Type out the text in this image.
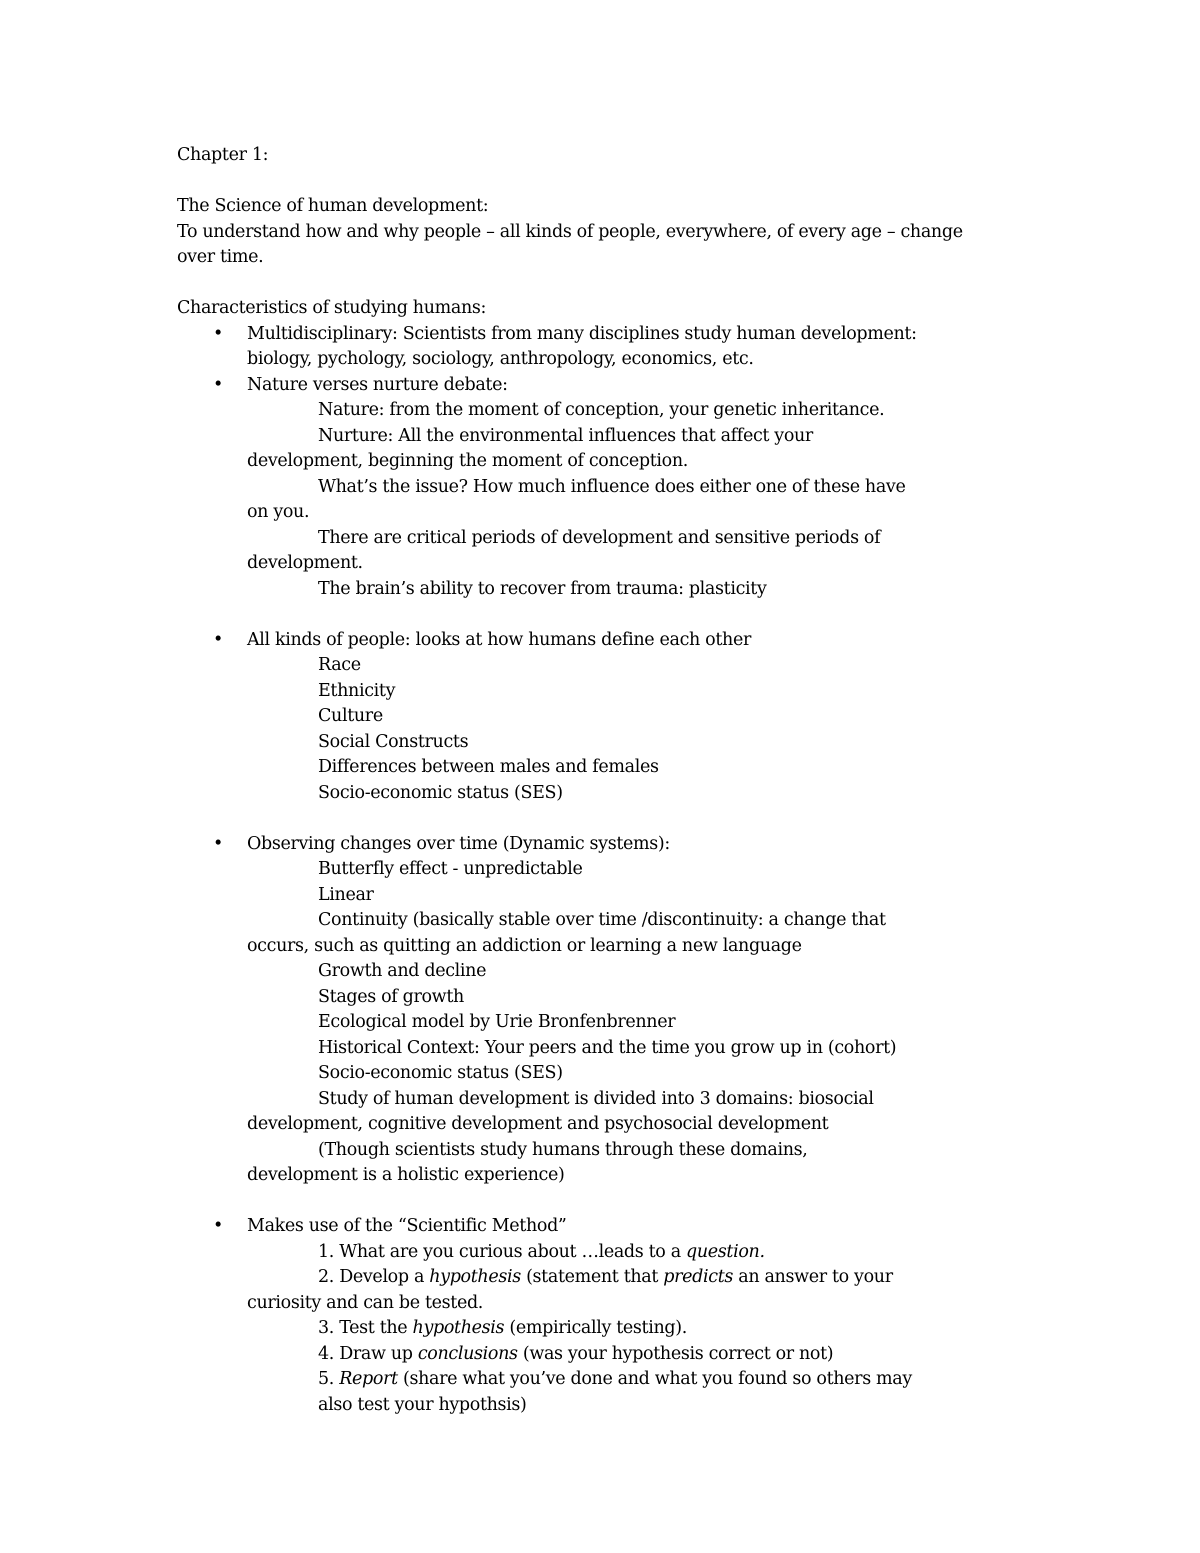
Chapter 1:

The Science of human development:

To understand how and why people – all kinds of people, everywhere, of every age – change

over time.

Characteristics of studying humans:

• Multidisciplinary: Scientists from many disciplines study human development:

biology, pychology, sociology, anthropology, economics, etc.

• Nature verses nurture debate:

Nature: from the moment of conception, your genetic inheritance.

Nurture: All the environmental influences that affect your

development, beginning the moment of conception.

What’s the issue? How much influence does either one of these have

on you.

There are critical periods of development and sensitive periods of

development.

The brain’s ability to recover from trauma: plasticity

• All kinds of people: looks at how humans define each other

Race

Ethnicity

Culture

Social Constructs

Differences between males and females

Socio-economic status (SES)

• Observing changes over time (Dynamic systems):

Butterfly effect - unpredictable

Linear

Continuity (basically stable over time /discontinuity: a change that

occurs, such as quitting an addiction or learning a new language

Growth and decline

Stages of growth

Ecological model by Urie Bronfenbrenner

Historical Context: Your peers and the time you grow up in (cohort)

Socio-economic status (SES)

Study of human development is divided into 3 domains: biosocial

development, cognitive development and psychosocial development

(Though scientists study humans through these domains,

development is a holistic experience)

• Makes use of the “Scientific Method”

1. What are you curious about …leads to a question.

2. Develop a hypothesis (statement that predicts an answer to your

curiosity and can be tested.

3. Test the hypothesis (empirically testing).

4. Draw up conclusions (was your hypothesis correct or not)

5. Report (share what you’ve done and what you found so others may

also test your hypothsis)
